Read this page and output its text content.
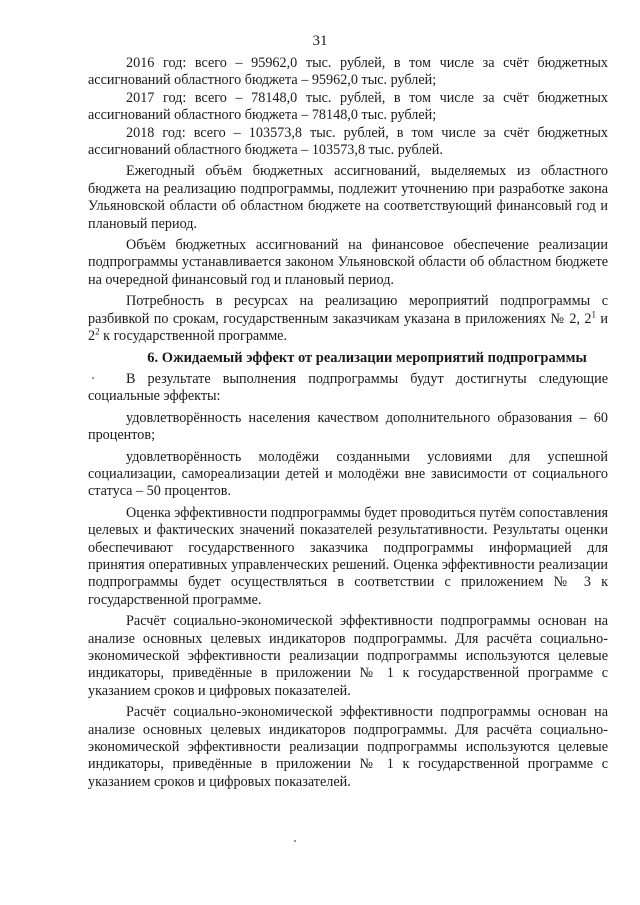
31

2016 год: всего – 95962,0 тыс. рублей, в том числе за счёт бюджетных ассигнований областного бюджета – 95962,0 тыс. рублей;

2017 год: всего – 78148,0 тыс. рублей, в том числе за счёт бюджетных ассигнований областного бюджета – 78148,0 тыс. рублей;

2018 год: всего – 103573,8 тыс. рублей, в том числе за счёт бюджетных ассигнований областного бюджета – 103573,8 тыс. рублей.

Ежегодный объём бюджетных ассигнований, выделяемых из областного бюджета на реализацию подпрограммы, подлежит уточнению при разработке закона Ульяновской области об областном бюджете на соответствующий финансовый год и плановый период.

Объём бюджетных ассигнований на финансовое обеспечение реализации подпрограммы устанавливается законом Ульяновской области об областном бюджете на очередной финансовый год и плановый период.

Потребность в ресурсах на реализацию мероприятий подпрограммы с разбивкой по срокам, государственным заказчикам указана в приложениях № 2, $2^1$ и $2^2$ к государственной программе.

6. Ожидаемый эффект от реализации мероприятий подпрограммы

В результате выполнения подпрограммы будут достигнуты следующие социальные эффекты:

удовлетворённость населения качеством дополнительного образования – 60 процентов;

удовлетворённость молодёжи созданными условиями для успешной социализации, самореализации детей и молодёжи вне зависимости от социального статуса – 50 процентов.

Оценка эффективности подпрограммы будет проводиться путём сопоставления целевых и фактических значений показателей результативности. Результаты оценки обеспечивают государственного заказчика подпрограммы информацией для принятия оперативных управленческих решений. Оценка эффективности реализации подпрограммы будет осуществляться в соответствии с приложением № 3 к государственной программе.

Расчёт социально-экономической эффективности подпрограммы основан на анализе основных целевых индикаторов подпрограммы. Для расчёта социально-экономической эффективности реализации подпрограммы используются целевые индикаторы, приведённые в приложении № 1 к государственной программе с указанием сроков и цифровых показателей.

Расчёт социально-экономической эффективности подпрограммы основан на анализе основных целевых индикаторов подпрограммы. Для расчёта социально-экономической эффективности реализации подпрограммы используются целевые индикаторы, приведённые в приложении № 1 к государственной программе с указанием сроков и цифровых показателей.
